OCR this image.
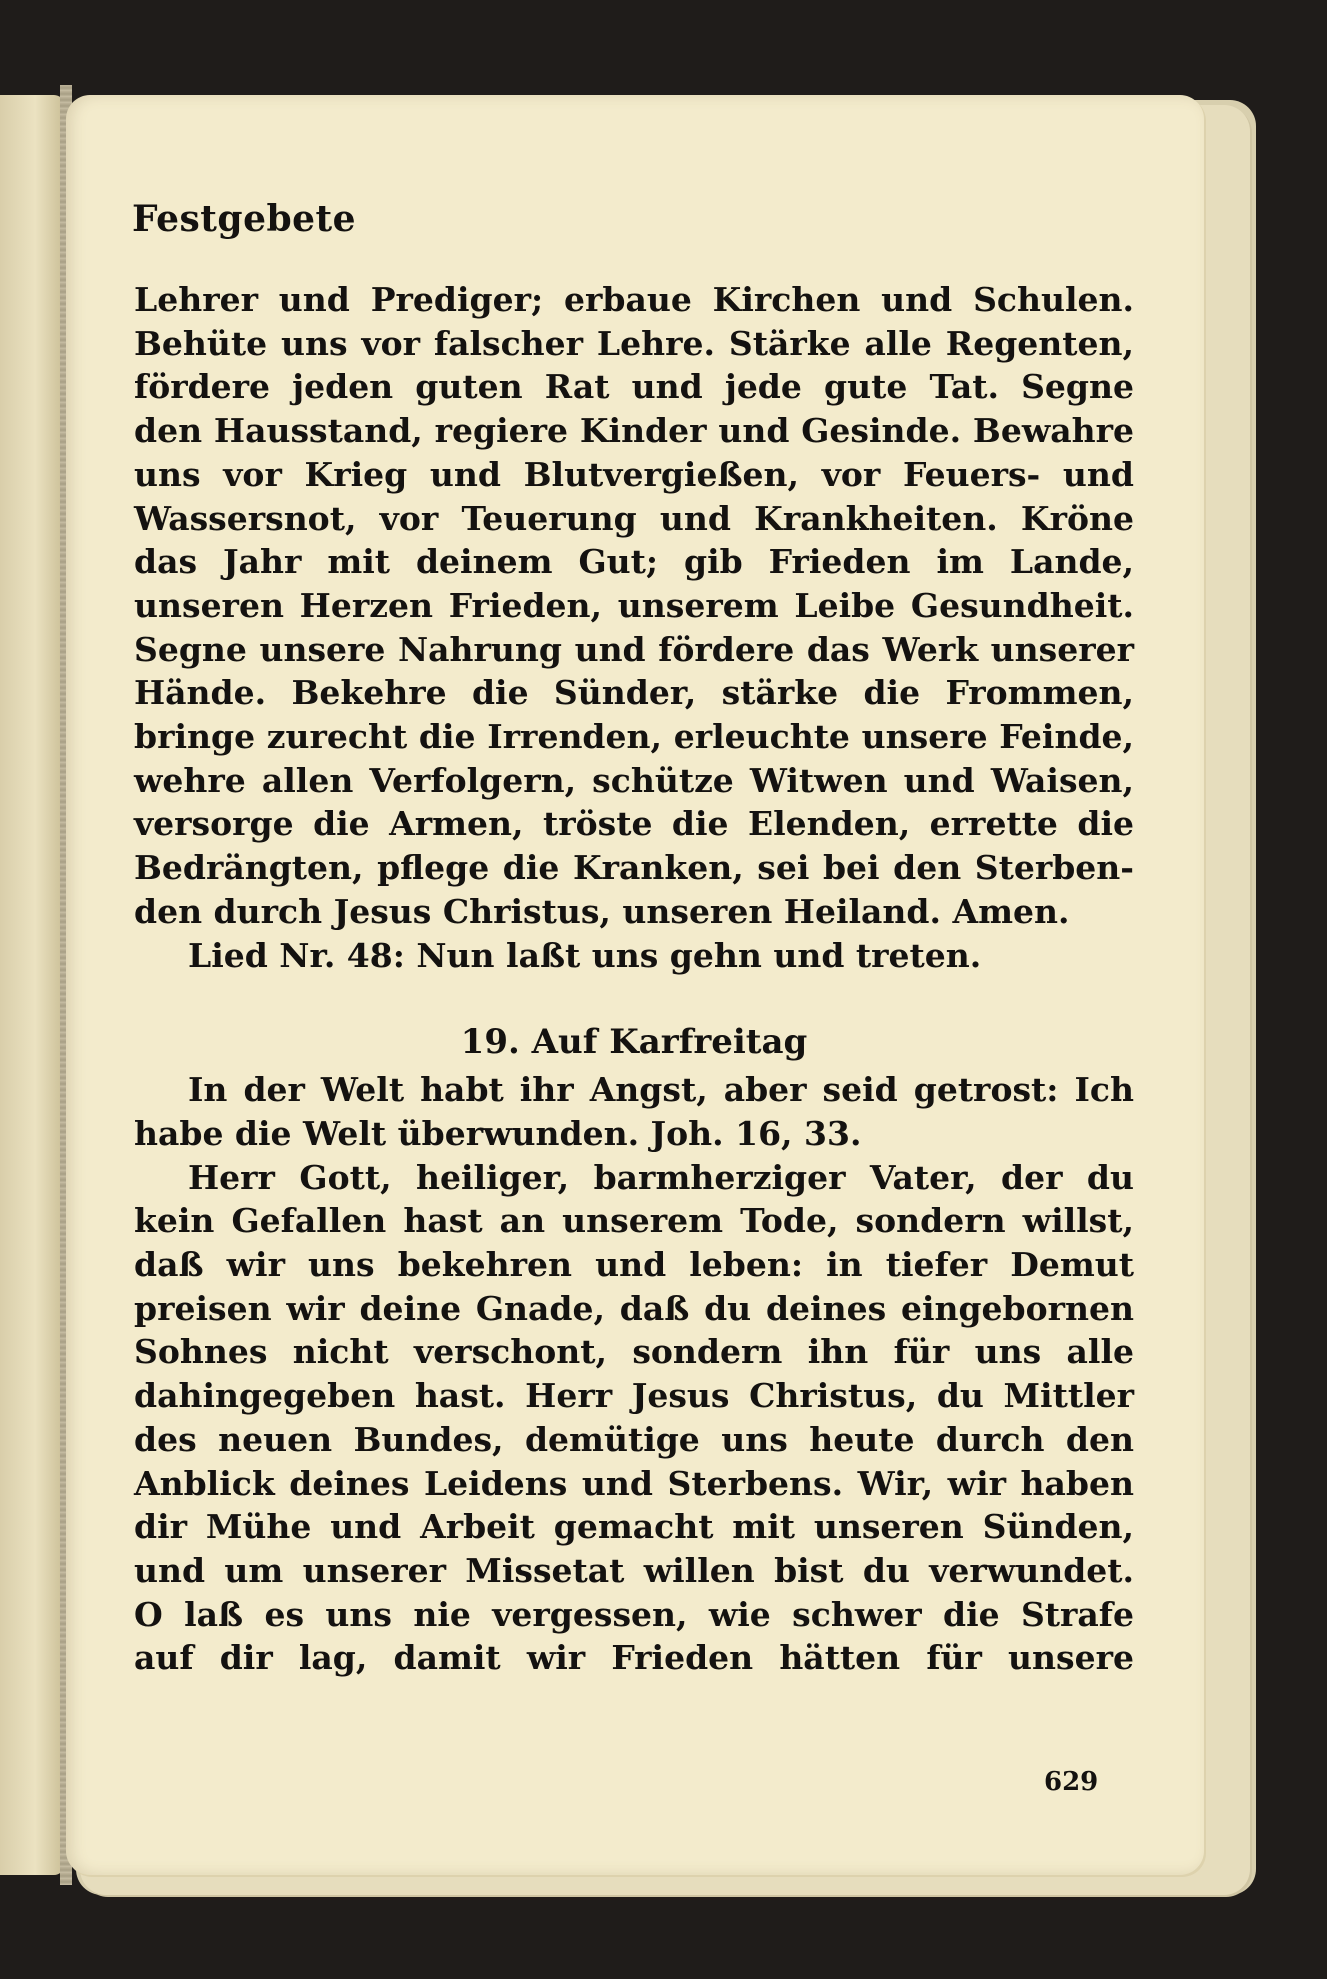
Festgebete

Lehrer und Prediger; erbaue Kirchen und Schulen.
Behüte uns vor falscher Lehre. Stärke alle Regenten,
fördere jeden guten Rat und jede gute Tat. Segne
den Hausstand, regiere Kinder und Gesinde. Bewahre
uns vor Krieg und Blutvergießen, vor Feuers- und
Wassersnot, vor Teuerung und Krankheiten. Kröne
das Jahr mit deinem Gut; gib Frieden im Lande,
unseren Herzen Frieden, unserem Leibe Gesundheit.
Segne unsere Nahrung und fördere das Werk unserer
Hände. Bekehre die Sünder, stärke die Frommen,
bringe zurecht die Irrenden, erleuchte unsere Feinde,
wehre allen Verfolgern, schütze Witwen und Waisen,
versorge die Armen, tröste die Elenden, errette die
Bedrängten, pflege die Kranken, sei bei den Sterben-
den durch Jesus Christus, unseren Heiland. Amen.

Lied Nr. 48: Nun laßt uns gehn und treten.

19. Auf Karfreitag

In der Welt habt ihr Angst, aber seid getrost: Ich
habe die Welt überwunden. Joh. 16, 33.

Herr Gott, heiliger, barmherziger Vater, der du
kein Gefallen hast an unserem Tode, sondern willst,
daß wir uns bekehren und leben: in tiefer Demut
preisen wir deine Gnade, daß du deines eingebornen
Sohnes nicht verschont, sondern ihn für uns alle
dahingegeben hast. Herr Jesus Christus, du Mittler
des neuen Bundes, demütige uns heute durch den
Anblick deines Leidens und Sterbens. Wir, wir haben
dir Mühe und Arbeit gemacht mit unseren Sünden,
und um unserer Missetat willen bist du verwundet.
O laß es uns nie vergessen, wie schwer die Strafe
auf dir lag, damit wir Frieden hätten für unsere

629
